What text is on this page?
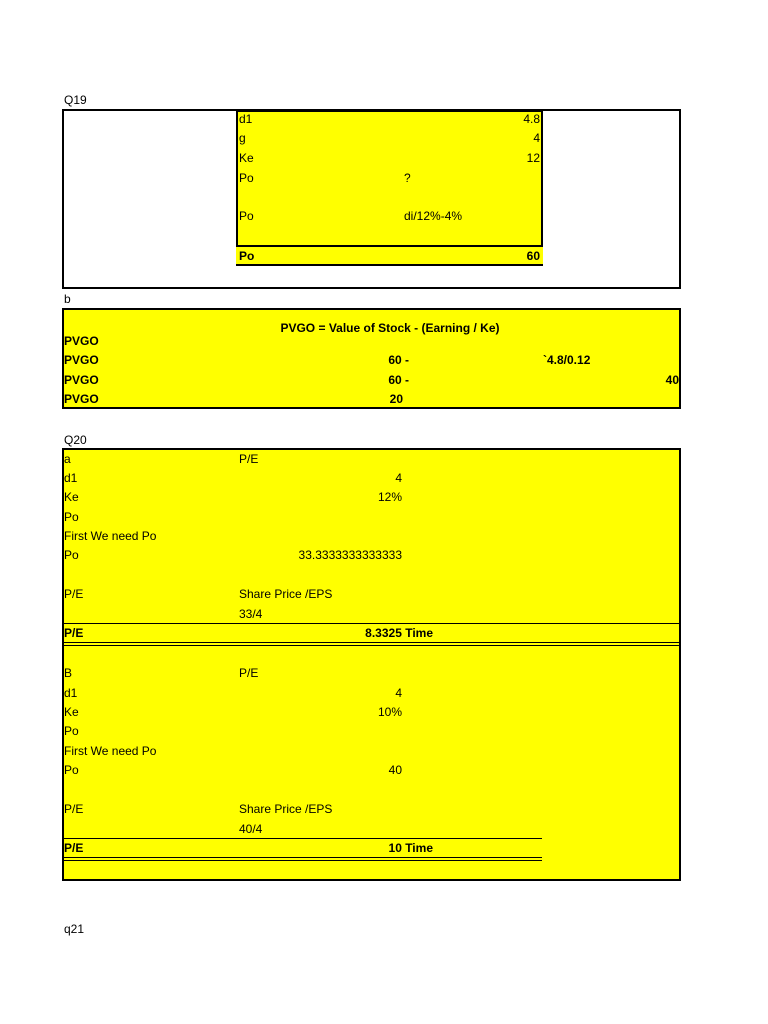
Q19
d1	4.8
g	4
Ke	12
Po	?
Po	di/12%-4%
Po	60
b
PVGO = Value of Stock - (Earning / Ke)
PVGO
PVGO	60 -	`4.8/0.12
PVGO	60 -	40
PVGO	20
Q20
a	P/E
d1	4
Ke	12%
Po
First We need Po
Po	33.3333333333333
P/E	Share Price /EPS
33/4
P/E	8.3325 Time
B	P/E
d1	4
Ke	10%
Po
First We need Po
Po	40
P/E	Share Price /EPS
40/4
P/E	10 Time
q21
